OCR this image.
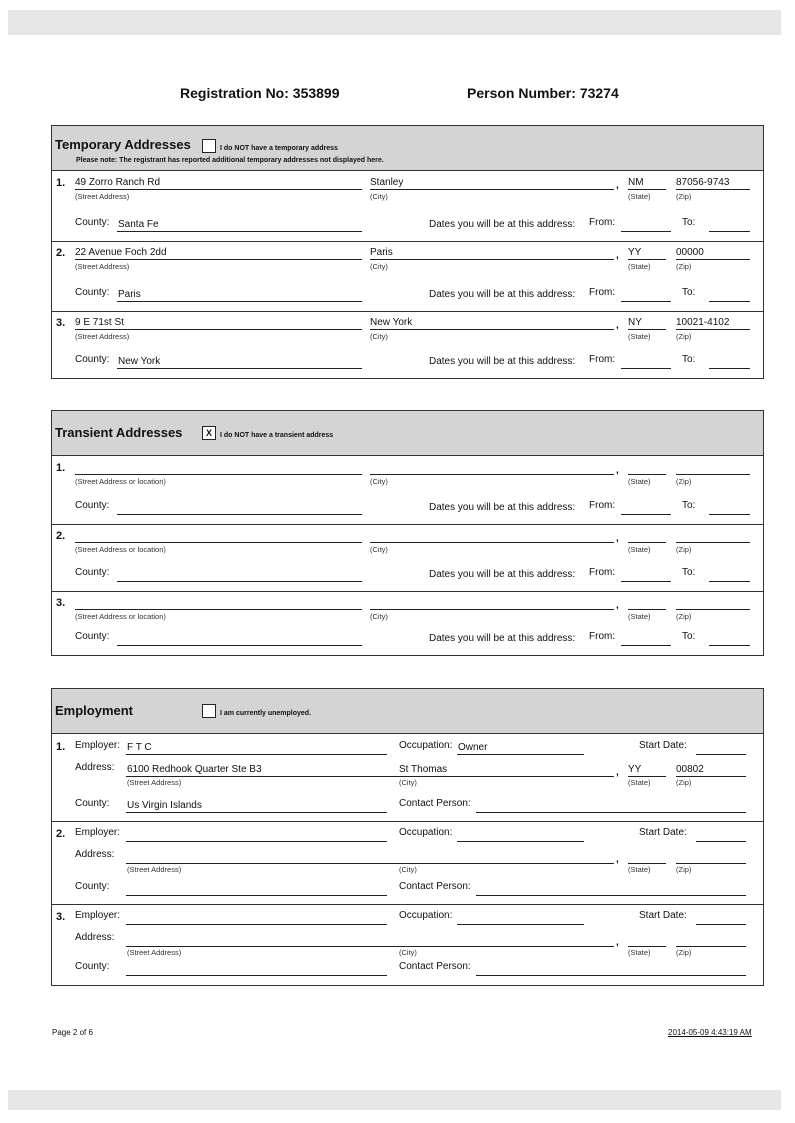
Registration No: 353899	Person Number: 73274
Temporary Addresses	I do NOT have a temporary address
Please note: The registrant has reported additional temporary addresses not displayed here.
1. 49 Zorro Ranch Rd
(Street Address)
Stanley
(City)
, NM
(State)
87056-9743
(Zip)
County: Santa Fe	Dates you will be at this address: From:	To:
2. 22 Avenue Foch 2dd
(Street Address)
Paris
(City)
, YY
(State)
00000
(Zip)
County: Paris	Dates you will be at this address: From:	To:
3. 9 E 71st St
(Street Address)
New York
(City)
, NY
(State)
10021-4102
(Zip)
County: New York	Dates you will be at this address: From:	To:
Transient Addresses	X I do NOT have a transient address
1.
(Street Address or location)	(City)
,
(State)	(Zip)
County:	Dates you will be at this address: From:	To:
2.
(Street Address or location)	(City)
,
(State)	(Zip)
County:	Dates you will be at this address: From:	To:
3.
(Street Address or location)	(City)
,
(State)	(Zip)
County:	Dates you will be at this address: From:	To:
Employment	I am currently unemployed.
1. Employer: F T C	Occupation: Owner	Start Date:
Address: 6100 Redhook Quarter Ste B3
(Street Address)
St Thomas
(City)
, YY
(State)
00802
(Zip)
County: Us Virgin Islands	Contact Person:
2. Employer:	Occupation:	Start Date:
Address:
(Street Address)	(City)
,
(State)	(Zip)
County:	Contact Person:
3. Employer:	Occupation:	Start Date:
Address:
(Street Address)	(City)
,
(State)	(Zip)
County:	Contact Person:
Page 2 of 6	2014-05-09 4:43:19 AM
